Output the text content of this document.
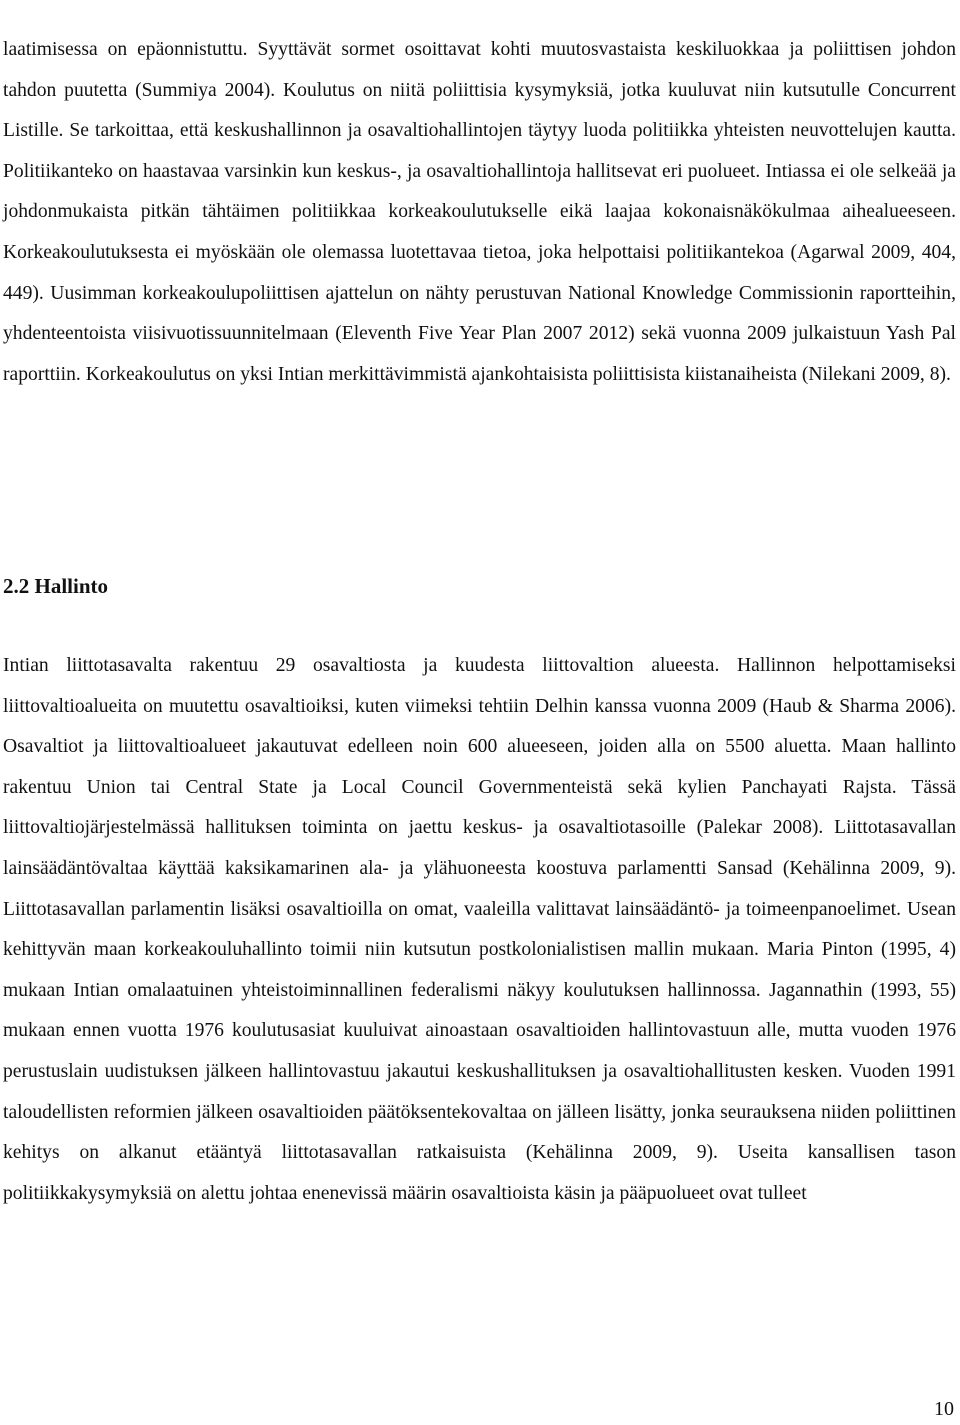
laatimisessa on epäonnistuttu. Syyttävät sormet osoittavat kohti muutosvastaista keskiluokkaa ja poliittisen johdon tahdon puutetta (Summiya 2004). Koulutus on niitä poliittisia kysymyksiä, jotka kuuluvat niin kutsutulle Concurrent Listille. Se tarkoittaa, että keskushallinnon ja osavaltiohallintojen täytyy luoda politiikka yhteisten neuvottelujen kautta. Politiikanteko on haastavaa varsinkin kun keskus-, ja osavaltiohallintoja hallitsevat eri puolueet. Intiassa ei ole selkeää ja johdonmukaista pitkän tähtäimen politiikkaa korkeakoulutukselle eikä laajaa kokonaisnäkökulmaa aihealueeseen. Korkeakoulutuksesta ei myöskään ole olemassa luotettavaa tietoa, joka helpottaisi politiikantekoa (Agarwal 2009, 404, 449). Uusimman korkeakoulupoliittisen ajattelun on nähty perustuvan National Knowledge Commissionin raportteihin, yhdenteentoista viisivuotissuunnitelmaan (Eleventh Five Year Plan 2007 2012) sekä vuonna 2009 julkaistuun Yash Pal raporttiin. Korkeakoulutus on yksi Intian merkittävimmistä ajankohtaisista poliittisista kiistanaiheista (Nilekani 2009, 8).

2.2 Hallinto

Intian liittotasavalta rakentuu 29 osavaltiosta ja kuudesta liittovaltion alueesta. Hallinnon helpottamiseksi liittovaltioalueita on muutettu osavaltioiksi, kuten viimeksi tehtiin Delhin kanssa vuonna 2009 (Haub & Sharma 2006). Osavaltiot ja liittovaltioalueet jakautuvat edelleen noin 600 alueeseen, joiden alla on 5500 aluetta. Maan hallinto rakentuu Union tai Central State ja Local Council Governmenteistä sekä kylien Panchayati Rajsta. Tässä liittovaltiojärjestelmässä hallituksen toiminta on jaettu keskus- ja osavaltiotasoille (Palekar 2008). Liittotasavallan lainsäädäntövaltaa käyttää kaksikamarinen ala- ja ylähuoneesta koostuva parlamentti Sansad (Kehälinna 2009, 9). Liittotasavallan parlamentin lisäksi osavaltioilla on omat, vaaleilla valittavat lainsäädäntö- ja toimeenpanoelimet. Usean kehittyvän maan korkeakouluhallinto toimii niin kutsutun postkolonialistisen mallin mukaan. Maria Pinton (1995, 4) mukaan Intian omalaatuinen yhteistoiminnallinen federalismi näkyy koulutuksen hallinnossa. Jagannathin (1993, 55) mukaan ennen vuotta 1976 koulutusasiat kuuluivat ainoastaan osavaltioiden hallintovastuun alle, mutta vuoden 1976 perustuslain uudistuksen jälkeen hallintovastuu jakautui keskushallituksen ja osavaltiohallitusten kesken. Vuoden 1991 taloudellisten reformien jälkeen osavaltioiden päätöksentekovaltaa on jälleen lisätty, jonka seurauksena niiden poliittinen kehitys on alkanut etääntyä liittotasavallan ratkaisuista (Kehälinna 2009, 9). Useita kansallisen tason politiikkakysymyksiä on alettu johtaa enenevissä määrin osavaltioista käsin ja pääpuolueet ovat tulleet

10
